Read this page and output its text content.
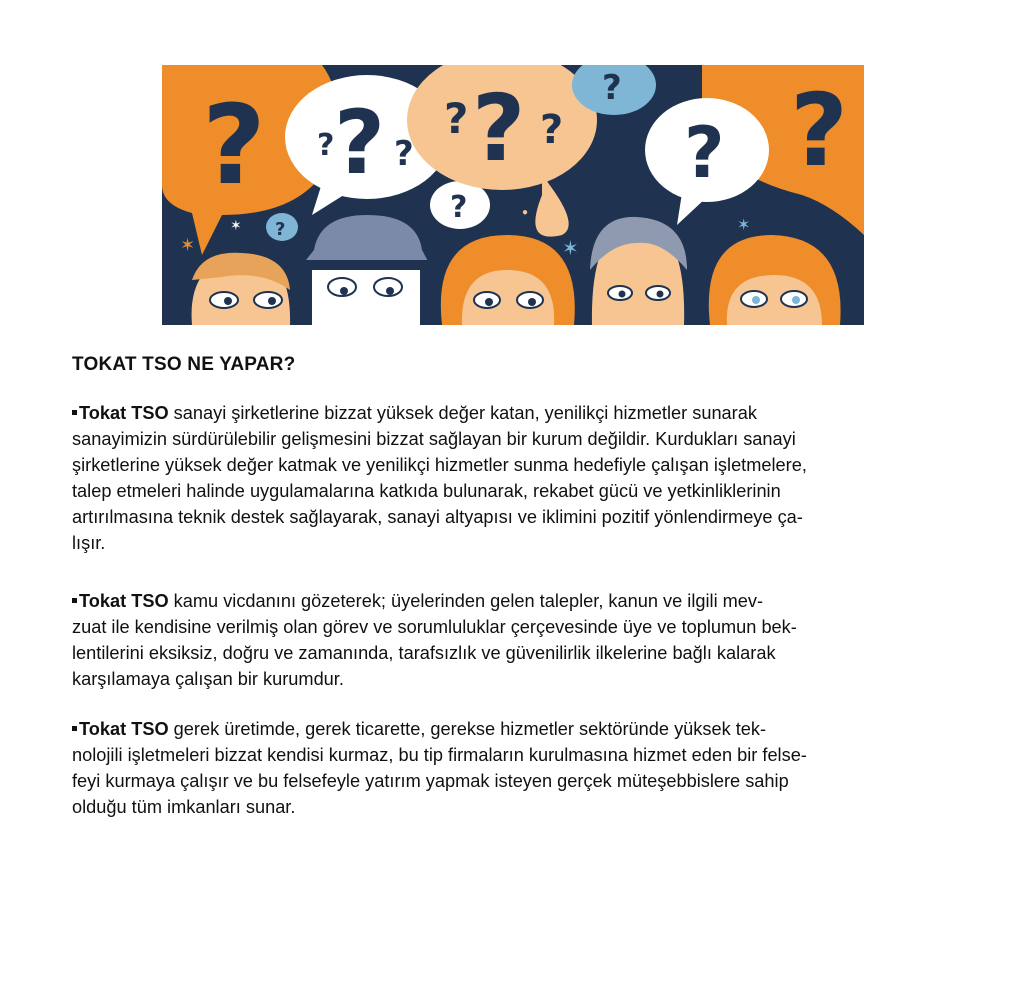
? ?
? ?
?
?
? ?
? ?
?
?
✶
✶
✶
✶
●
TOKAT TSO NE YAPAR?

Tokat TSO sanayi şirketlerine bizzat yüksek değer katan, yenilikçi hizmetler sunarak
sanayimizin sürdürülebilir gelişmesini bizzat sağlayan bir kurum değildir. Kurdukları sanayi
şirketlerine yüksek değer katmak ve yenilikçi hizmetler sunma hedefiyle çalışan işletmelere,
talep etmeleri halinde uygulamalarına katkıda bulunarak, rekabet gücü ve yetkinliklerinin
artırılmasına teknik destek sağlayarak, sanayi altyapısı ve iklimini pozitif yönlendirmeye ça-
lışır.

Tokat TSO kamu vicdanını gözeterek; üyelerinden gelen talepler, kanun ve ilgili mev-
zuat ile kendisine verilmiş olan görev ve sorumluluklar çerçevesinde üye ve toplumun bek-
lentilerini eksiksiz, doğru ve zamanında, tarafsızlık ve güvenilirlik ilkelerine bağlı kalarak
karşılamaya çalışan bir kurumdur.

Tokat TSO gerek üretimde, gerek ticarette, gerekse hizmetler sektöründe yüksek tek-
nolojili işletmeleri bizzat kendisi kurmaz, bu tip firmaların kurulmasına hizmet eden bir felse-
feyi kurmaya çalışır ve bu felsefeyle yatırım yapmak isteyen gerçek müteşebbislere sahip
olduğu tüm imkanları sunar.
